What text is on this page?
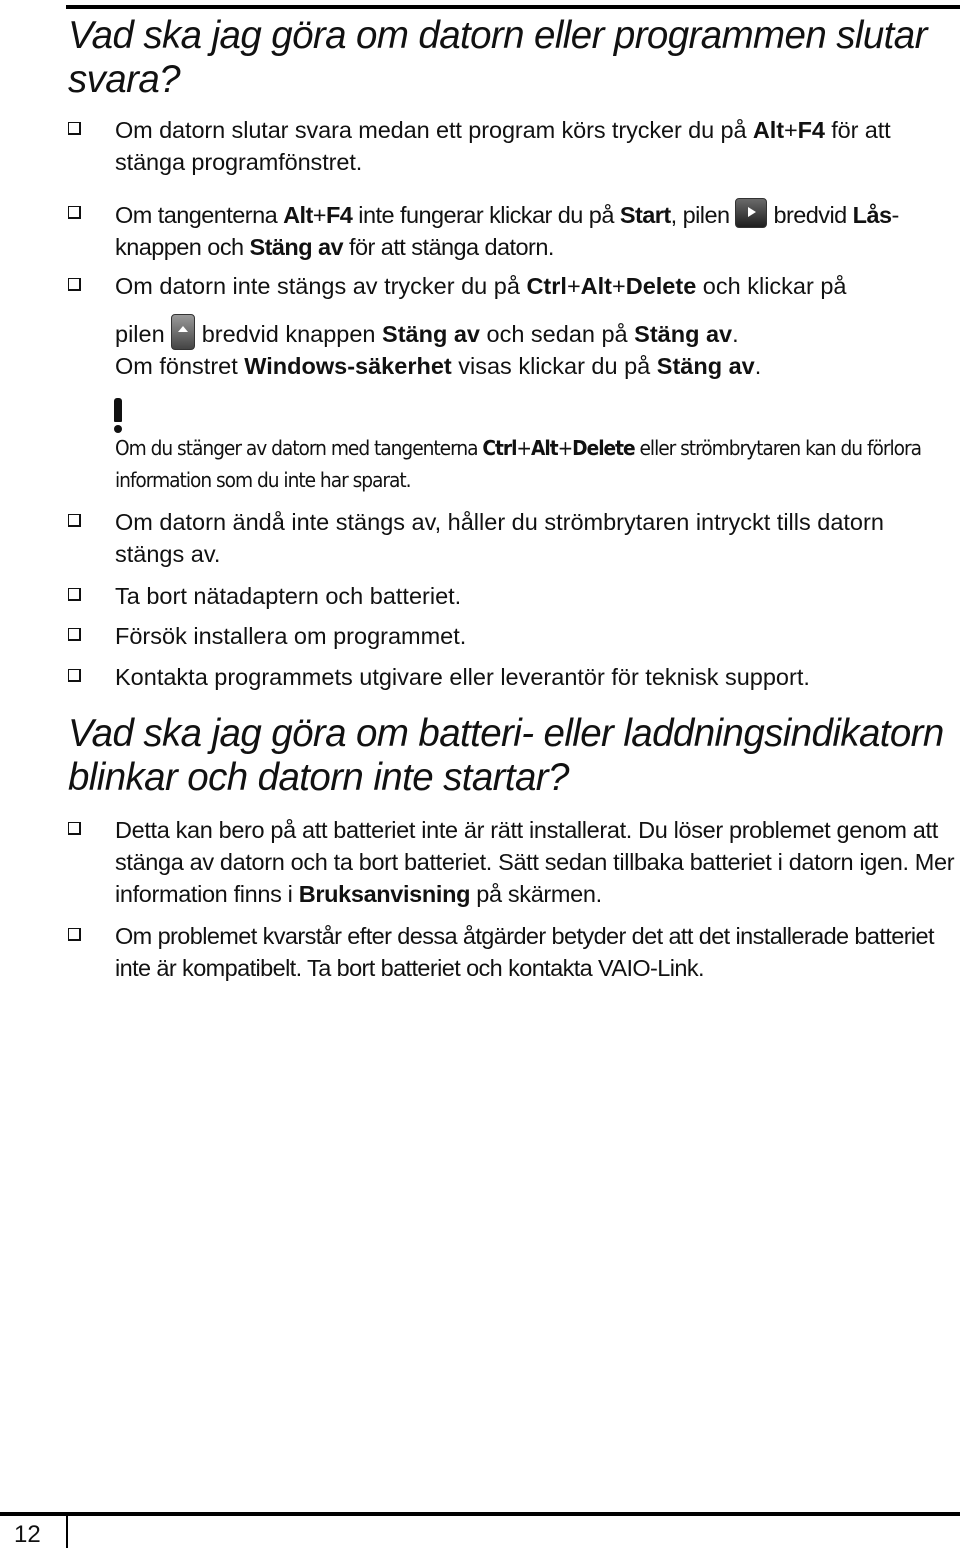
Vad ska jag göra om datorn eller programmen slutar svara?
Om datorn slutar svara medan ett program körs trycker du på Alt+F4 för att stänga programfönstret.
Om tangenterna Alt+F4 inte fungerar klickar du på Start, pilen  bredvid Lås-knappen och Stäng av för att stänga datorn.
Om datorn inte stängs av trycker du på Ctrl+Alt+Delete och klickar på
pilen  bredvid knappen Stäng av och sedan på Stäng av.
Om fönstret Windows-säkerhet visas klickar du på Stäng av.
Om du stänger av datorn med tangenterna Ctrl+Alt+Delete eller strömbrytaren kan du förlora information som du inte har sparat.
Om datorn ändå inte stängs av, håller du strömbrytaren intryckt tills datorn stängs av.
Ta bort nätadaptern och batteriet.
Försök installera om programmet.
Kontakta programmets utgivare eller leverantör för teknisk support.
Vad ska jag göra om batteri- eller laddningsindikatorn blinkar och datorn inte startar?
Detta kan bero på att batteriet inte är rätt installerat. Du löser problemet genom att stänga av datorn och ta bort batteriet. Sätt sedan tillbaka batteriet i datorn igen. Mer information finns i Bruksanvisning på skärmen.
Om problemet kvarstår efter dessa åtgärder betyder det att det installerade batteriet inte är kompatibelt. Ta bort batteriet och kontakta VAIO-Link.
12
